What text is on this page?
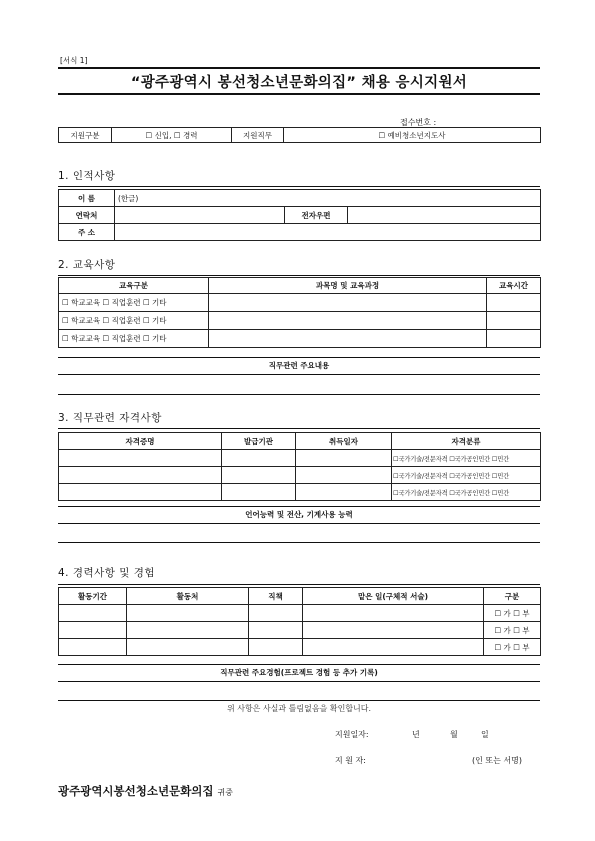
[서식 1]
“광주광역시 봉선청소년문화의집” 채용 응시지원서
접수번호 :
지원구분	☐ 신입, ☐ 경력	지원직무	☐ 예비청소년지도사
1. 인적사항
이 름	(한글)		
연락처		전자우편	
주 소			
2. 교육사항
교육구분	과목명 및 교육과정	교육시간
☐ 학교교육 ☐ 직업훈련 ☐ 기타		
☐ 학교교육 ☐ 직업훈련 ☐ 기타		
☐ 학교교육 ☐ 직업훈련 ☐ 기타		
직무관련 주요내용
3. 직무관련 자격사항
자격증명	발급기관	취득일자	자격분류
			☐국가기술/전문자격 ☐국가공인민간 ☐민간
			☐국가기술/전문자격 ☐국가공인민간 ☐민간
			☐국가기술/전문자격 ☐국가공인민간 ☐민간
언어능력 및 전산, 기계사용 능력
4. 경력사항 및 경험
활동기간	활동처	직책	맡은 일(구체적 서술)	구분
				☐ 가 ☐ 부
				☐ 가 ☐ 부
				☐ 가 ☐ 부
직무관련 주요경험(프로젝트 경험 등 추가 기록)
위 사항은 사실과 틀림없음을 확인합니다.
지원일자:	년	월	일
지 원 자:	(인 또는 서명)
광주광역시봉선청소년문화의집 귀중
